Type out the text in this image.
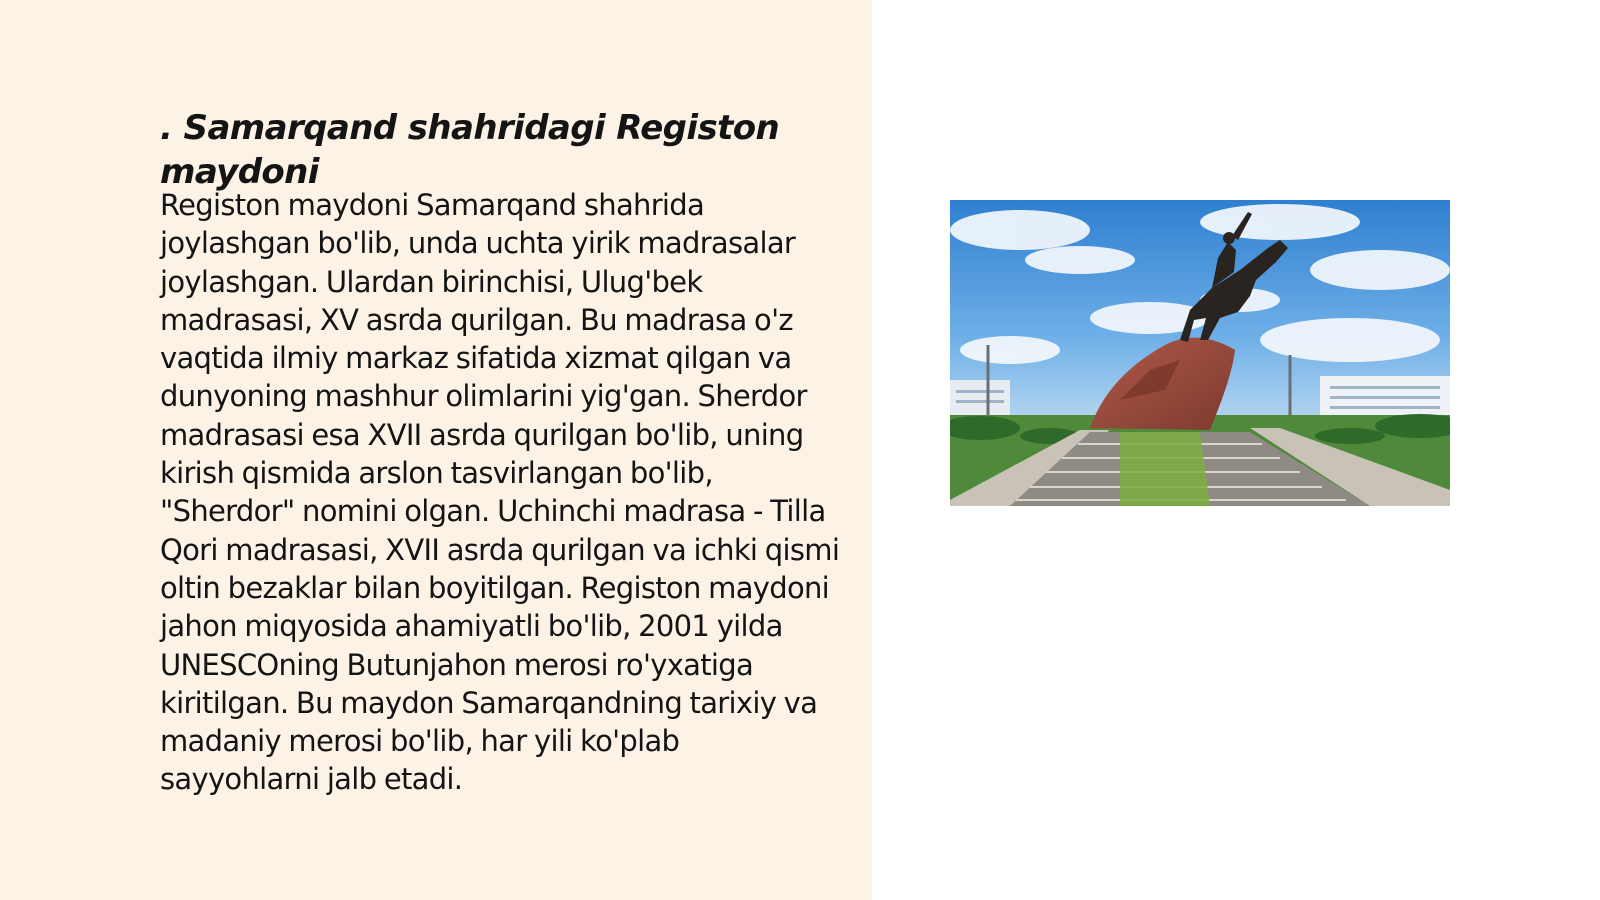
. Samarqand shahridagi Registon maydoni

Registon maydoni Samarqand shahrida joylashgan bo'lib, unda uchta yirik madrasalar joylashgan. Ulardan birinchisi, Ulug'bek madrasasi, XV asrda qurilgan. Bu madrasa o'z vaqtida ilmiy markaz sifatida xizmat qilgan va dunyoning mashhur olimlarini yig'gan. Sherdor madrasasi esa XVII asrda qurilgan bo'lib, uning kirish qismida arslon tasvirlangan bo'lib, "Sherdor" nomini olgan. Uchinchi madrasa - Tilla Qori madrasasi, XVII asrda qurilgan va ichki qismi oltin bezaklar bilan boyitilgan. Registon maydoni jahon miqyosida ahamiyatli bo'lib, 2001 yilda UNESCOning Butunjahon merosi ro'yxatiga kiritilgan. Bu maydon Samarqandning tarixiy va madaniy merosi bo'lib, har yili ko'plab sayyohlarni jalb etadi.
